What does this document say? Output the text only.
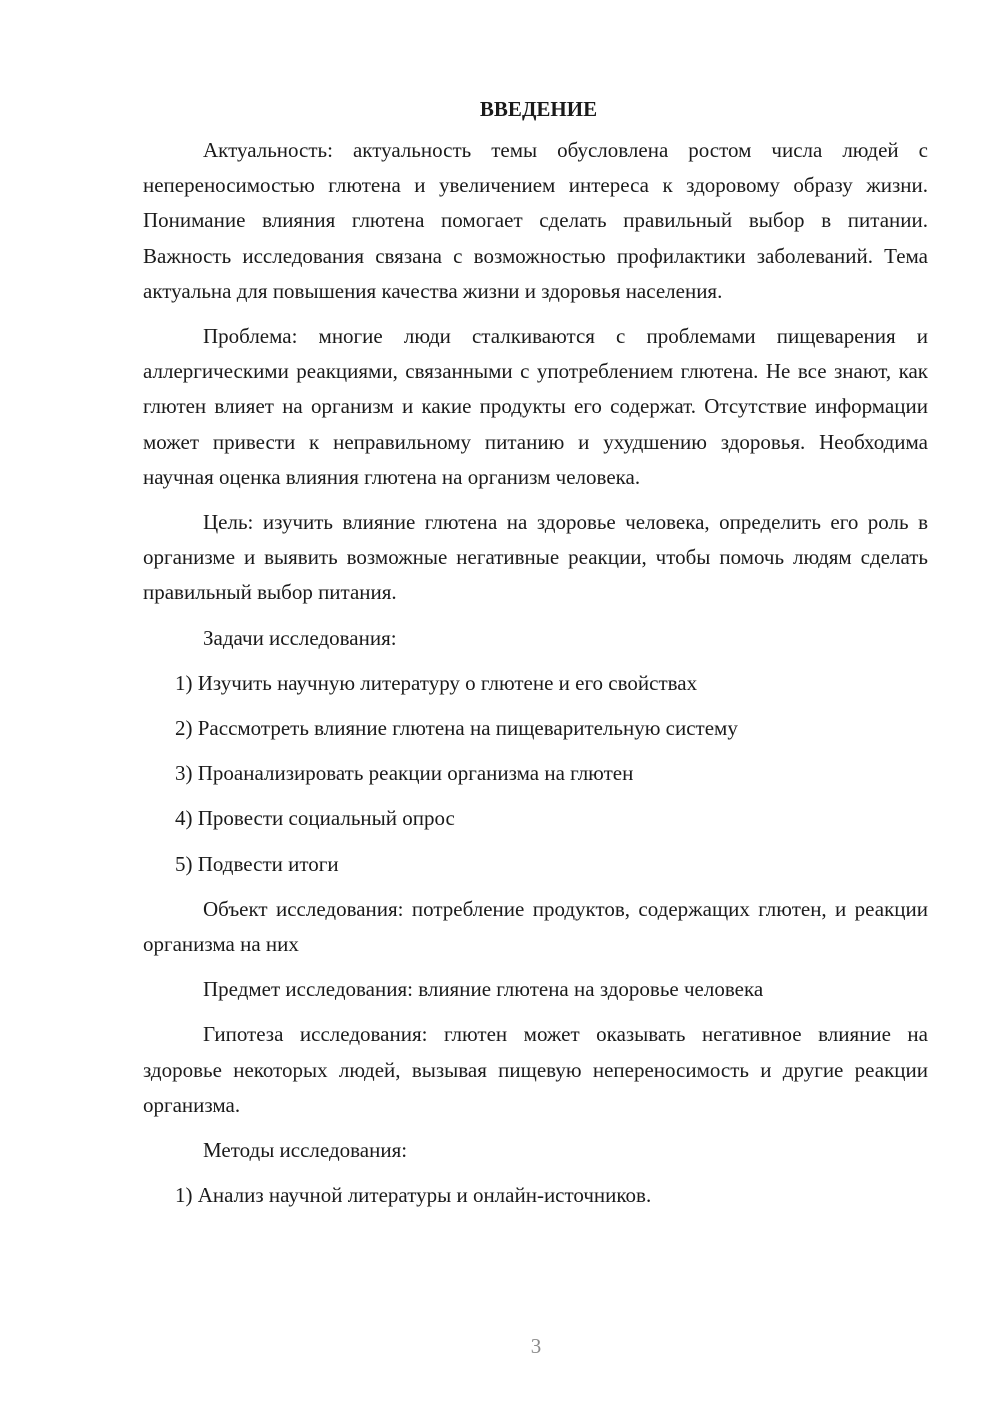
ВВЕДЕНИЕ

Актуальность: актуальность темы обусловлена ростом числа людей с непереносимостью глютена и увеличением интереса к здоровому образу жизни. Понимание влияния глютена помогает сделать правильный выбор в питании. Важность исследования связана с возможностью профилактики заболеваний. Тема актуальна для повышения качества жизни и здоровья населения.

Проблема: многие люди сталкиваются с проблемами пищеварения и аллергическими реакциями, связанными с употреблением глютена. Не все знают, как глютен влияет на организм и какие продукты его содержат. Отсутствие информации может привести к неправильному питанию и ухудшению здоровья. Необходима научная оценка влияния глютена на организм человека.

Цель: изучить влияние глютена на здоровье человека, определить его роль в организме и выявить возможные негативные реакции, чтобы помочь людям сделать правильный выбор питания.

Задачи исследования:
1) Изучить научную литературу о глютене и его свойствах
2) Рассмотреть влияние глютена на пищеварительную систему
3) Проанализировать реакции организма на глютен
4) Провести социальный опрос
5) Подвести итоги

Объект исследования: потребление продуктов, содержащих глютен, и реакции организма на них

Предмет исследования: влияние глютена на здоровье человека

Гипотеза исследования: глютен может оказывать негативное влияние на здоровье некоторых людей, вызывая пищевую непереносимость и другие реакции организма.

Методы исследования:
1) Анализ научной литературы и онлайн-источников.
3
